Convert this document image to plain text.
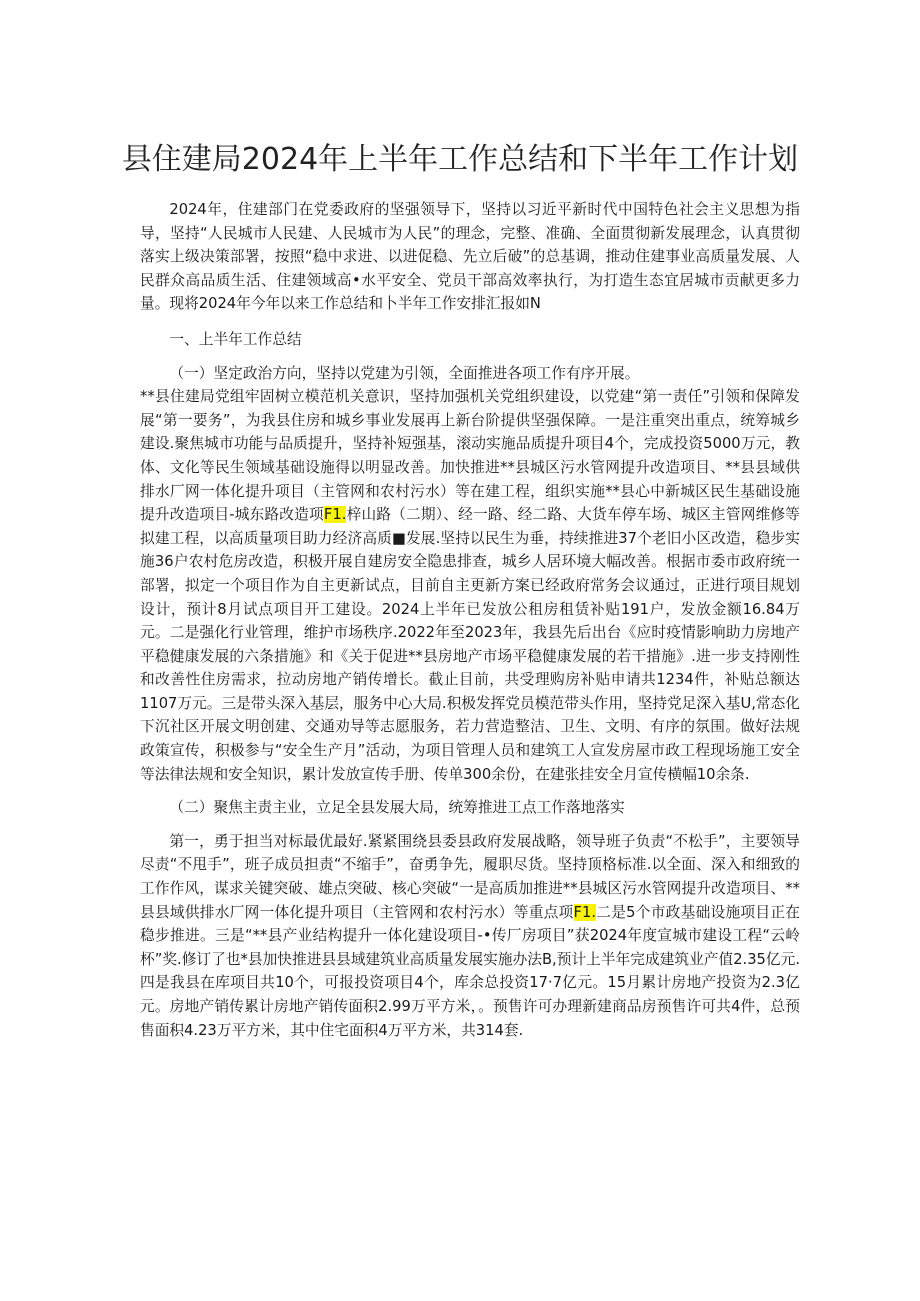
县住建局2024年上半年工作总结和下半年工作计划

2024年，住建部门在党委政府的坚强领导下，坚持以习近平新时代中国特色社会主义思想为指导，坚持“人民城市人民建、人民城市为人民”的理念，完整、准确、全面贯彻新发展理念，认真贯彻落实上级决策部署，按照“稳中求进、以进促稳、先立后破”的总基调，推动住建事业高质量发展、人民群众高品质生活、住建领域高•水平安全、党员干部高效率执行，为打造生态宜居城市贡献更多力量。现将2024年今年以来工作总结和卜半年工作安排汇报如N

一、上半年工作总结

（一）坚定政治方向，坚持以党建为引领，全面推进各项工作有序开展。

**县住建局党组牢固树立模范机关意识，坚持加强机关党组织建设，以党建“第一责任”引领和保障发展“第一要务”，为我县住房和城乡事业发展再上新台阶提供坚强保障。一是注重突出重点，统筹城乡建设.聚焦城市功能与品质提升，坚持补短强基，滚动实施品质提升项目4个，完成投资5000万元，教体、文化等民生领域基础设施得以明显改善。加快推进**县城区污水管网提升改造项目、**县县域供排水厂网一体化提升项目（主管网和农村污水）等在建工程，组织实施**县心中新城区民生基础设施提升改造项目-城东路改造项F1.梓山路（二期）、经一路、经二路、大货车停车场、城区主管网维修等拟建工程，以高质量项目助力经济高质■发展.坚持以民生为垂，持续推进37个老旧小区改造，稳步实施36户农村危房改造，积极开展自建房安全隐患排查，城乡人居环境大幅改善。根据市委市政府统一部署，拟定一个项目作为自主更新试点，目前自主更新方案已经政府常务会议通过，正进行项目规划设计，预计8月试点项目开工建设。2024上半年已发放公租房租赁补贴191户，发放金额16.84万元。二是强化行业管理，维护市场秩序.2022年至2023年，我县先后出台《应时疫情影响助力房地产平稳健康发展的六条措施》和《关于促进**县房地产市场平稳健康发展的若干措施》.进一步支持刚性和改善性住房需求，拉动房地产销传增长。截止目前，共受理购房补贴申请共1234件，补贴总额达1107万元。三是带头深入基层，服务中心大局.积极发挥党员模范带头作用，坚持党足深入基U,常态化下沉社区开展文明创建、交通劝导等志愿服务，若力营造整洁、卫生、文明、有序的氛围。做好法规政策宣传，积极参与“安全生产月”活动，为项目管理人员和建筑工人宣发房屋市政工程现场施工安全等法律法规和安全知识，累计发放宣传手册、传单300余份，在建张挂安全月宣传横幅10余条.

（二）聚焦主责主业，立足全县发展大局，统筹推进工点工作落地落实

第一，勇于担当对标最优最好.紧紧围绕县委县政府发展战略，领导班子负责“不松手”，主要领导尽责“不甩手”，班子成员担责“不缩手”，奋勇争先，履职尽货。坚持顶格标准.以全面、深入和细致的工作作风，谋求关键突破、雄点突破、核心突破“一是高质加推进**县城区污水管网提升改造项目、**县县域供排水厂网一体化提升项目（主管网和农村污水）等重点项F1.二是5个市政基础设施项目正在稳步推进。三是“**县产业结构提升一体化建设项目-•传厂房项目”获2024年度宣城市建设工程“云岭杯”奖.修订了也*县加快推进县县域建筑业高质量发展实施办法B,预计上半年完成建筑业产值2.35亿元.四是我县在库项目共10个，可报投资项目4个，库余总投资17·7亿元。15月累计房地产投资为2.3亿元。房地产销传累计房地产销传面积2.99万平方米，。预售许可办理新建商品房预售许可共4件，总预售面积4.23万平方米，其中住宅面积4万平方米，共314套.
